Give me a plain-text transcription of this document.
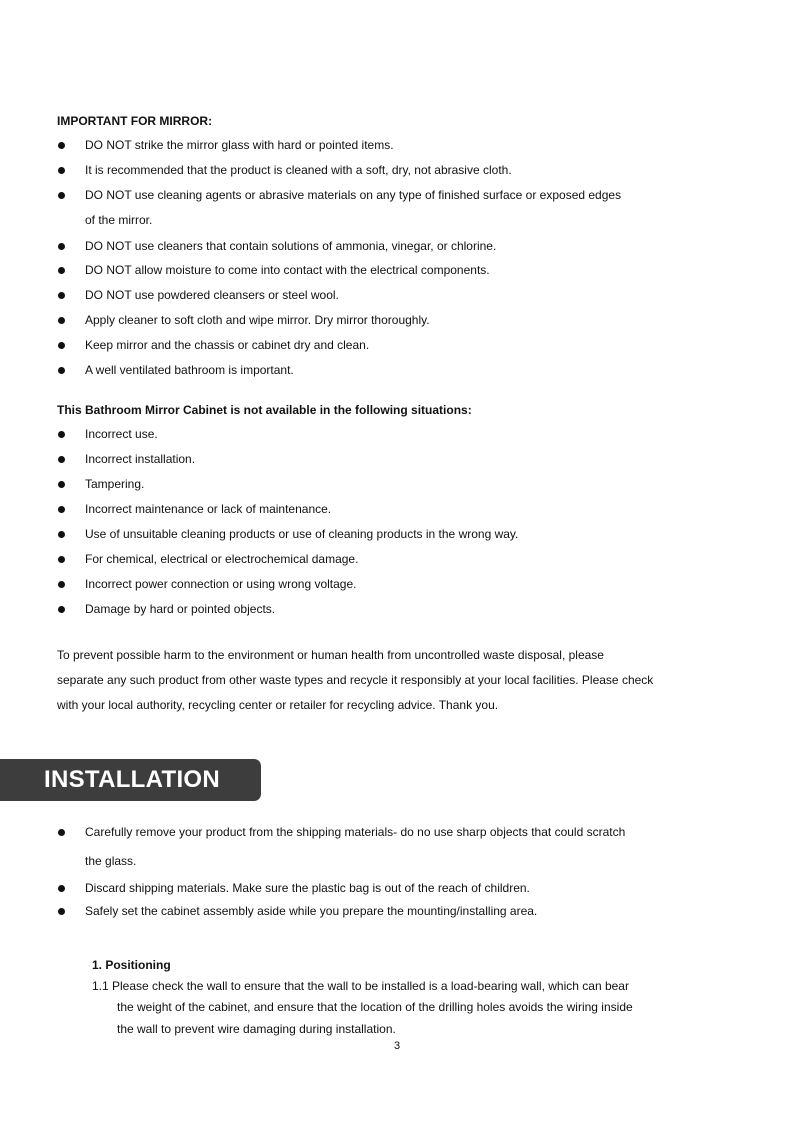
IMPORTANT FOR MIRROR:
DO NOT strike the mirror glass with hard or pointed items.
It is recommended that the product is cleaned with a soft, dry, not abrasive cloth.
DO NOT use cleaning agents or abrasive materials on any type of finished surface or exposed edges
of the mirror.
DO NOT use cleaners that contain solutions of ammonia, vinegar, or chlorine.
DO NOT allow moisture to come into contact with the electrical components.
DO NOT use powdered cleansers or steel wool.
Apply cleaner to soft cloth and wipe mirror. Dry mirror thoroughly.
Keep mirror and the chassis or cabinet dry and clean.
A well ventilated bathroom is important.
This Bathroom Mirror Cabinet is not available in the following situations:
Incorrect use.
Incorrect installation.
Tampering.
Incorrect maintenance or lack of maintenance.
Use of unsuitable cleaning products or use of cleaning products in the wrong way.
For chemical, electrical or electrochemical damage.
Incorrect power connection or using wrong voltage.
Damage by hard or pointed objects.
To prevent possible harm to the environment or human health from uncontrolled waste disposal, please
separate any such product from other waste types and recycle it responsibly at your local facilities. Please check
with your local authority, recycling center or retailer for recycling advice. Thank you.
INSTALLATION
Carefully remove your product from the shipping materials- do no use sharp objects that could scratch
the glass.
Discard shipping materials. Make sure the plastic bag is out of the reach of children.
Safely set the cabinet assembly aside while you prepare the mounting/installing area.
1. Positioning
1.1 Please check the wall to ensure that the wall to be installed is a load-bearing wall, which can bear
the weight of the cabinet, and ensure that the location of the drilling holes avoids the wiring inside
the wall to prevent wire damaging during installation.
3
